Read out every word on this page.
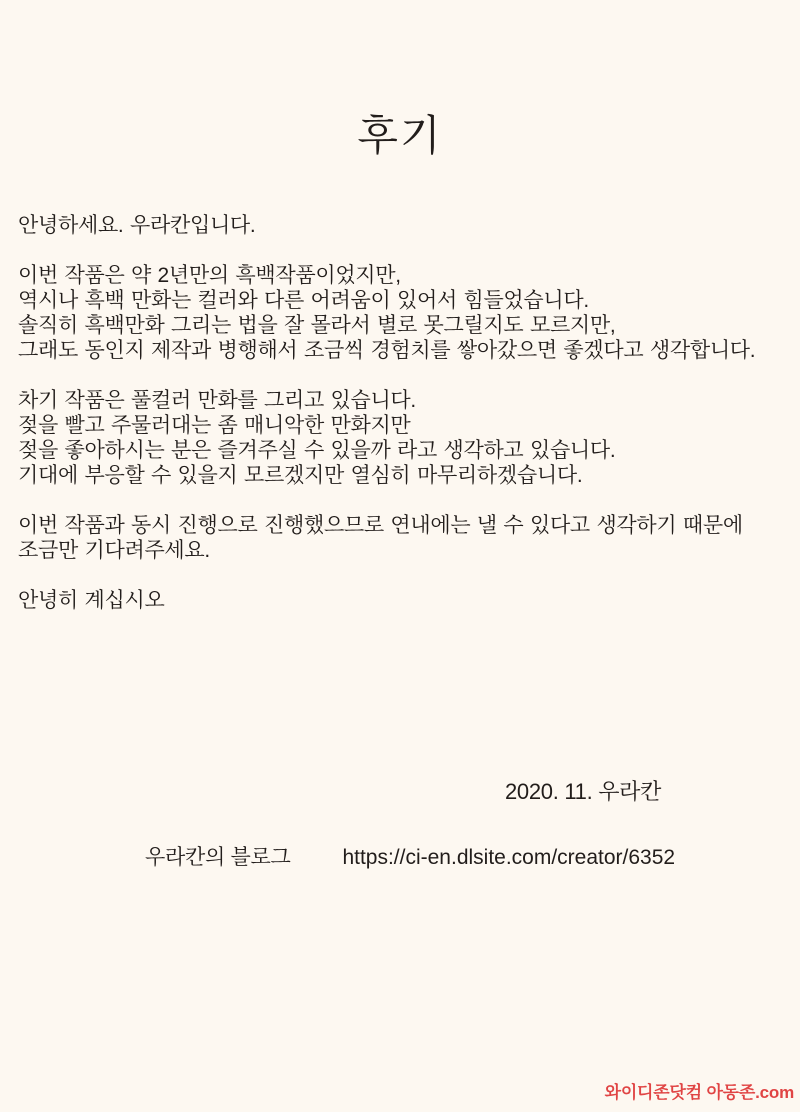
후기
안녕하세요. 우라칸입니다.
이번 작품은 약 2년만의 흑백작품이었지만,
역시나 흑백 만화는 컬러와 다른 어려움이 있어서 힘들었습니다.
솔직히 흑백만화 그리는 법을 잘 몰라서 별로 못그릴지도 모르지만,
그래도 동인지 제작과 병행해서 조금씩 경험치를 쌓아갔으면 좋겠다고 생각합니다.
차기 작품은 풀컬러 만화를 그리고 있습니다.
젖을 빨고 주물러대는 좀 매니악한 만화지만
젖을 좋아하시는 분은 즐겨주실 수 있을까 라고 생각하고 있습니다.
기대에 부응할 수 있을지 모르겠지만 열심히 마무리하겠습니다.
이번 작품과 동시 진행으로 진행했으므로 연내에는 낼 수 있다고 생각하기 때문에
조금만 기다려주세요.
안녕히 계십시오
2020. 11. 우라칸
우라칸의 블로그 https://ci-en.dlsite.com/creator/6352
와이디존닷컴 아동존.com
